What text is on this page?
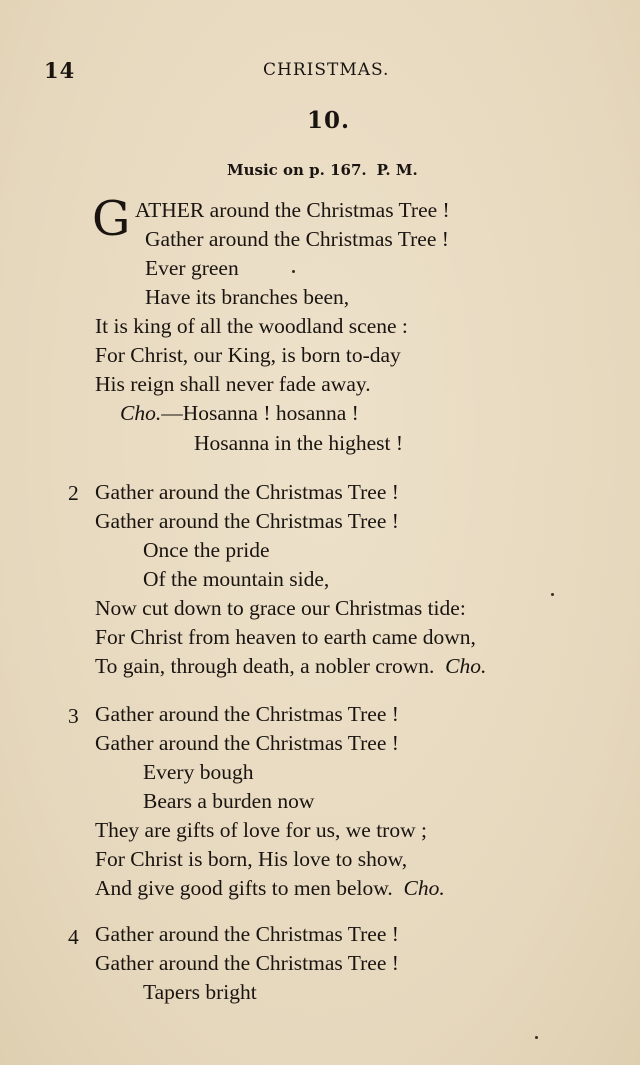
14	CHRISTMAS.
10.
Music on p. 167. P. M.
G ATHER around the Christmas Tree !
Gather around the Christmas Tree !
Ever green
Have its branches been,
It is king of all the woodland scene :
For Christ, our King, is born to-day
His reign shall never fade away.
Cho.—Hosanna ! hosanna !
Hosanna in the highest !
2 Gather around the Christmas Tree !
Gather around the Christmas Tree !
Once the pride
Of the mountain side,
Now cut down to grace our Christmas tide:
For Christ from heaven to earth came down,
To gain, through death, a nobler crown. Cho.
3 Gather around the Christmas Tree !
Gather around the Christmas Tree !
Every bough
Bears a burden now
They are gifts of love for us, we trow ;
For Christ is born, His love to show,
And give good gifts to men below. Cho.
4 Gather around the Christmas Tree !
Gather around the Christmas Tree !
Tapers bright
